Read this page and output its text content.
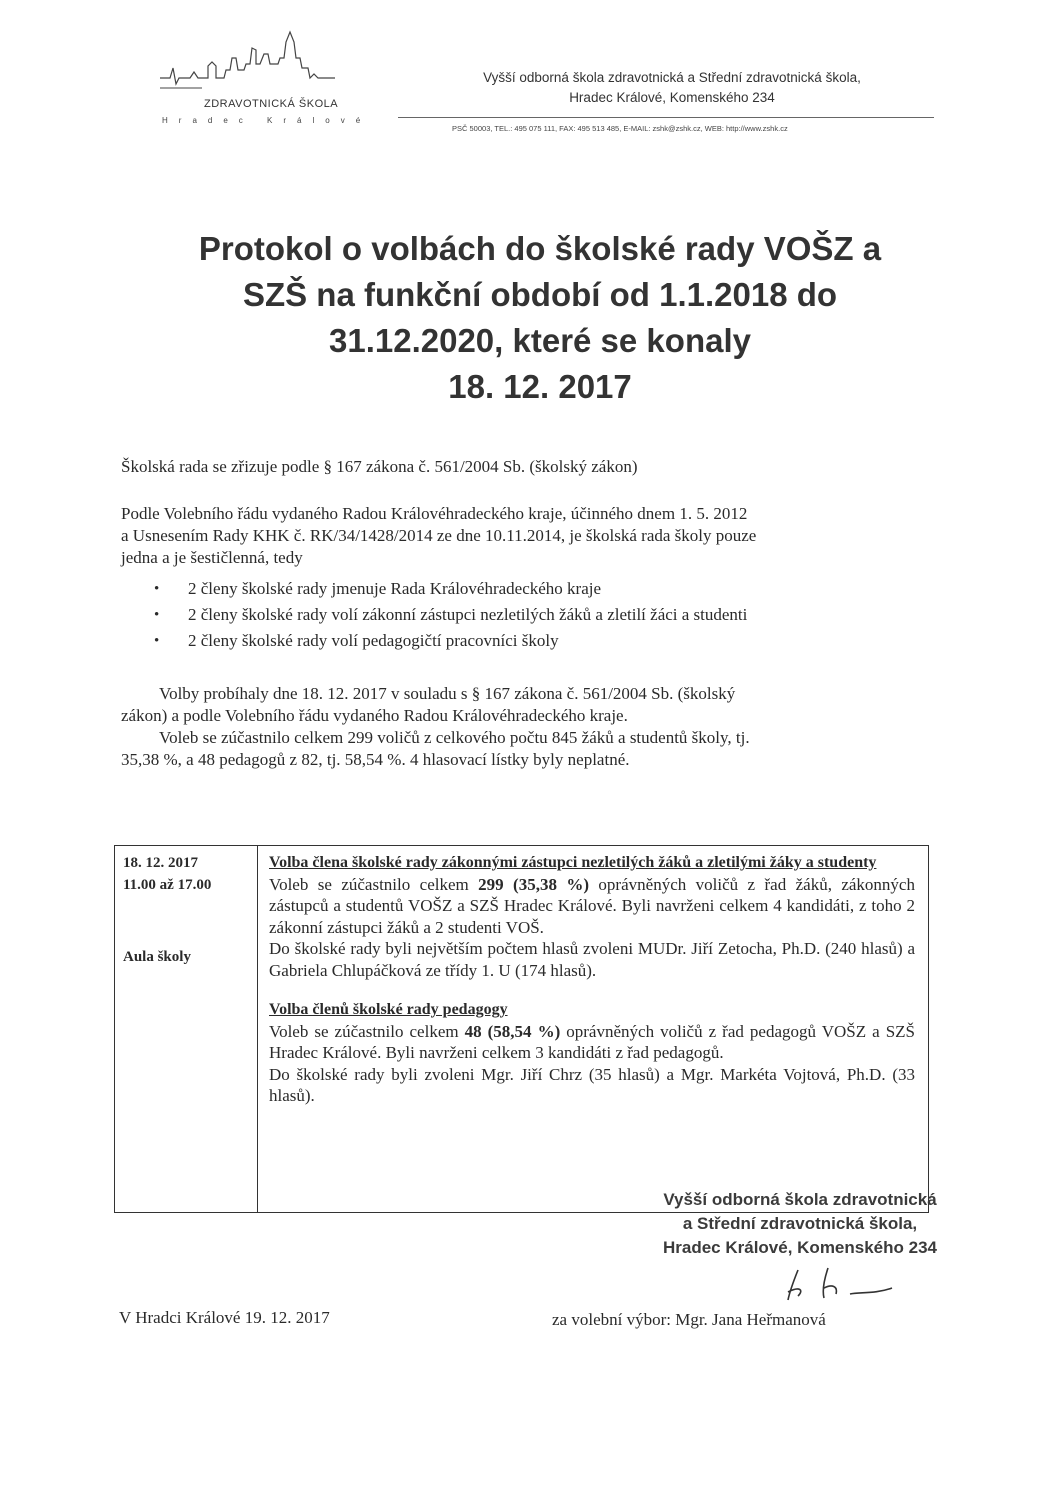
ZDRAVOTNICKÁ ŠKOLA
Hradec Králové
Vyšší odborná škola zdravotnická a Střední zdravotnická škola,
Hradec Králové, Komenského 234
PSČ 50003, TEL.: 495 075 111, FAX: 495 513 485, E-MAIL: zshk@zshk.cz, WEB: http://www.zshk.cz
Protokol o volbách do školské rady VOŠZ a
SZŠ na funkční období od 1.1.2018 do
31.12.2020, které se konaly
18. 12. 2017
Školská rada se zřizuje podle § 167 zákona č. 561/2004 Sb. (školský zákon)
Podle Volebního řádu vydaného Radou Královéhradeckého kraje, účinného dnem 1. 5. 2012
a Usnesením Rady KHK č. RK/34/1428/2014 ze dne 10.11.2014, je školská rada školy pouze
jedna a je šestičlenná, tedy
• 2 členy školské rady jmenuje Rada Královéhradeckého kraje
• 2 členy školské rady volí zákonní zástupci nezletilých žáků a zletilí žáci a studenti
• 2 členy školské rady volí pedagogičtí pracovníci školy
Volby probíhaly dne 18. 12. 2017 v souladu s § 167 zákona č. 561/2004 Sb. (školský
zákon) a podle Volebního řádu vydaného Radou Královéhradeckého kraje.
Voleb se zúčastnilo celkem 299 voličů z celkového počtu 845 žáků a studentů školy, tj.
35,38 %, a 48 pedagogů z 82, tj. 58,54 %. 4 hlasovací lístky byly neplatné.
18. 12. 2017
11.00 až 17.00
Aula školy
Volba člena školské rady zákonnými zástupci nezletilých žáků a zletilými žáky a studenty
Voleb se zúčastnilo celkem 299 (35,38 %) oprávněných voličů z řad žáků, zákonných zástupců a studentů VOŠZ a SZŠ Hradec Králové. Byli navrženi celkem 4 kandidáti, z toho 2 zákonní zástupci žáků a 2 studenti VOŠ.
Do školské rady byli největším počtem hlasů zvoleni MUDr. Jiří Zetocha, Ph.D. (240 hlasů) a Gabriela Chlupáčková ze třídy 1. U (174 hlasů).
Volba členů školské rady pedagogy
Voleb se zúčastnilo celkem 48 (58,54 %) oprávněných voličů z řad pedagogů VOŠZ a SZŠ Hradec Králové. Byli navrženi celkem 3 kandidáti z řad pedagogů.
Do školské rady byli zvoleni Mgr. Jiří Chrz (35 hlasů) a Mgr. Markéta Vojtová, Ph.D. (33 hlasů).
Vyšší odborná škola zdravotnická
a Střední zdravotnická škola,
Hradec Králové, Komenského 234
V Hradci Králové 19. 12. 2017	za volební výbor: Mgr. Jana Heřmanová
